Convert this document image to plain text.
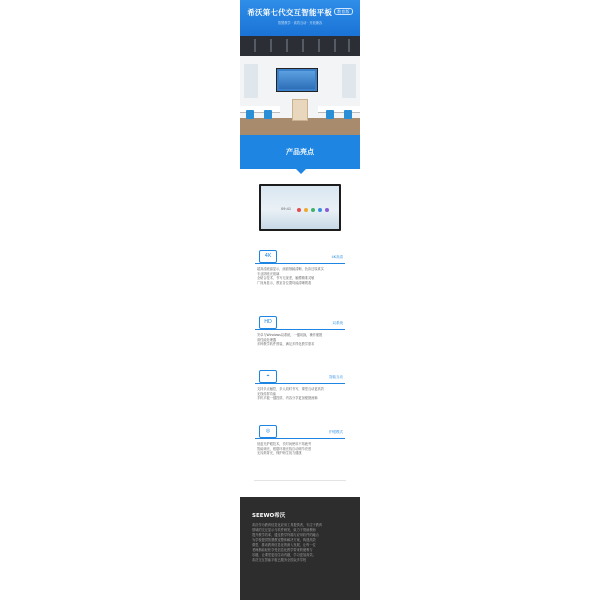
希沃第七代交互智能平板 $^{教育版}$
智慧教学 · 高效互动 · 开放兼容
产品亮点
09:41
4K	4K高清
超高清液晶显示，画面细腻清晰，色彩还原真实
专业防眩光玻璃
全贴合技术，书写无视差，触摸精准灵敏
广视角显示，教室各位置均能清晰观看
HD	双系统
安卓与Windows双系统，一键切换，操作便捷
高性能处理器
多种教学软件预装，满足多样化教学需求
⌖	智能互动
支持多点触控，多人同时书写，课堂互动更高效
无线传屏功能
手机平板一键投屏，内容分享更加便捷流畅
◎	护眼模式
低蓝光护眼技术，长时间使用不易疲劳
智能调光，根据环境光线自动调节亮度
无闪烁背光，保护师生视力健康
SEEWO希沃
希沃作为教育信息化应用工具提供者，专注于教育
领域的交互显示与软件研发，致力于帮助教师
提升教学效率，通过教学终端与应用软件的融合
为学校提供智慧教室整体解决方案，构建高效
课堂，推动教育信息化的深入发展，让每一位
老师都能轻松享受信息化教学带来的便利与
乐趣，让课堂更加生动有趣，学习更加高效。
希沃交互智能平板已服务全国众多学校
